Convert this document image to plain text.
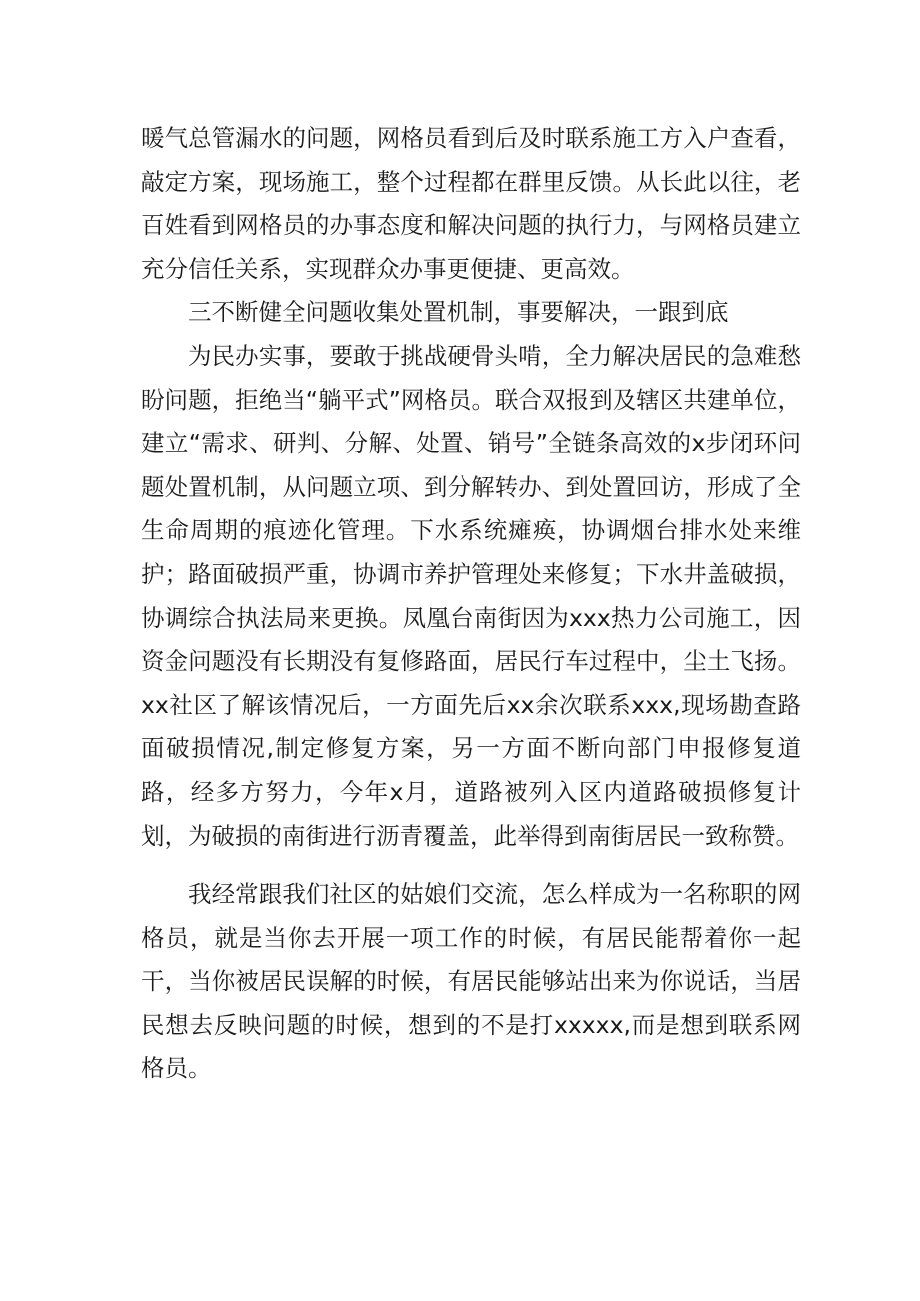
暖气总管漏水的问题，网格员看到后及时联系施工方入户查看，敲定方案，现场施工，整个过程都在群里反馈。从长此以往，老百姓看到网格员的办事态度和解决问题的执行力，与网格员建立充分信任关系，实现群众办事更便捷、更高效。

三不断健全问题收集处置机制，事要解决，一跟到底

为民办实事，要敢于挑战硬骨头啃，全力解决居民的急难愁盼问题，拒绝当“躺平式”网格员。联合双报到及辖区共建单位，建立“需求、研判、分解、处置、销号”全链条高效的x步闭环问题处置机制，从问题立项、到分解转办、到处置回访，形成了全生命周期的痕迹化管理。下水系统瘫痪，协调烟台排水处来维护；路面破损严重，协调市养护管理处来修复；下水井盖破损，协调综合执法局来更换。凤凰台南街因为xxx热力公司施工，因资金问题没有长期没有复修路面，居民行车过程中，尘土飞扬。xx社区了解该情况后，一方面先后xx余次联系xxx,现场勘查路面破损情况,制定修复方案，另一方面不断向部门申报修复道路，经多方努力，今年x月，道路被列入区内道路破损修复计划，为破损的南街进行沥青覆盖，此举得到南街居民一致称赞。

我经常跟我们社区的姑娘们交流，怎么样成为一名称职的网格员，就是当你去开展一项工作的时候，有居民能帮着你一起干，当你被居民误解的时候，有居民能够站出来为你说话，当居民想去反映问题的时候，想到的不是打xxxxx,而是想到联系网格员。
